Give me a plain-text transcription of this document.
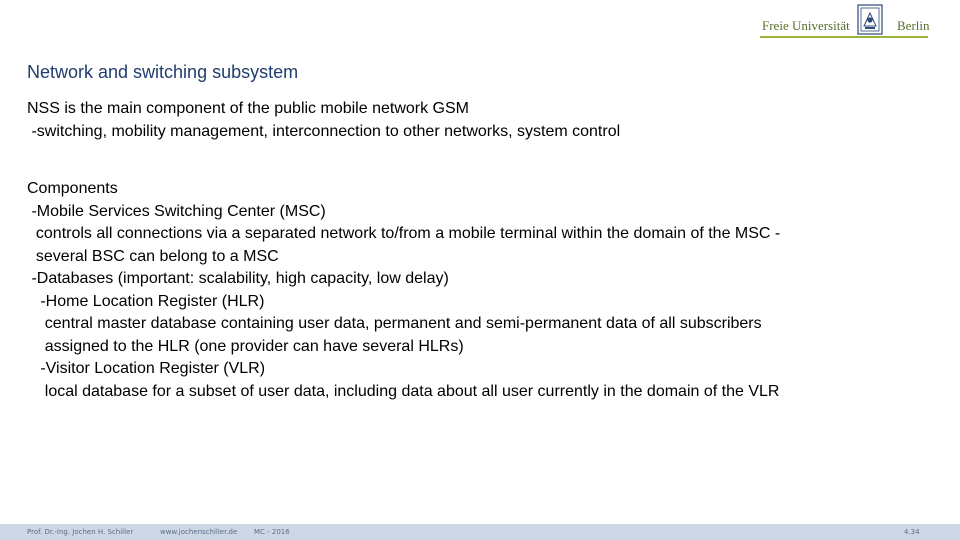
Freie Universität	Berlin
Network and switching subsystem
NSS is the main component of the public mobile network GSM
-switching, mobility management, interconnection to other networks, system control
Components
-Mobile Services Switching Center (MSC)
controls all connections via a separated network to/from a mobile terminal within the domain of the MSC -
several BSC can belong to a MSC
-Databases (important: scalability, high capacity, low delay)
-Home Location Register (HLR)
central master database containing user data, permanent and semi-permanent data of all subscribers
assigned to the HLR (one provider can have several HLRs)
-Visitor Location Register (VLR)
local database for a subset of user data, including data about all user currently in the domain of the VLR
Prof. Dr.-Ing. Jochen H. Schiller	www.jochenschiller.de MC - 2016	4.34
